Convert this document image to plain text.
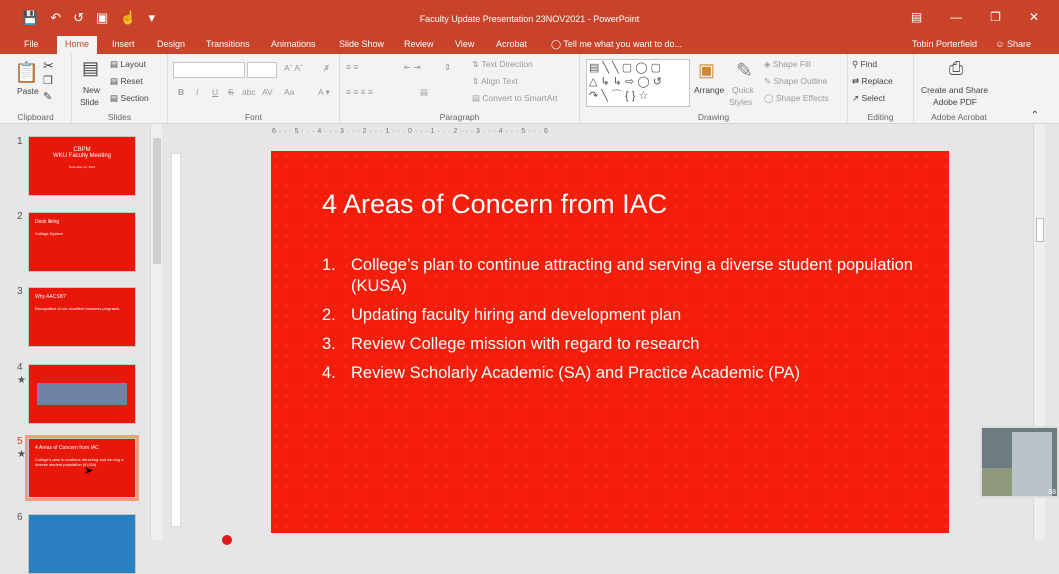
💾 ↶ ↺ ▣ ☝ ▾	Faculty Update Presentation 23NOV2021 - PowerPoint	▤ — ❐ ✕
File	Home	Insert Design Transitions Animations	Slide Show Review View Acrobat	◯ Tell me what you want to do...	Tobin Porterfield ☺ Share
✂
❐
✎
📋
Paste
Clipboard
▤
New
Slide
▤ Layout
▤ Reset
▤ Section
Slides
Aˆ Aˇ ✗
B I U S abc AV Aa	A ▾
Font
≡ ≡	⇤ ⇥	⇕
≡ ≡ ≡ ≡	▤
⇅ Text Direction
⇕ Align Text
▤ Convert to SmartArt
Paragraph
▤ ╲ ╲ ▢ ◯ ▢
△ ↳ ↳ ⇨ ◯ ↺
↷ ╲ ⌒ { } ☆
▣
Arrange
✎
Quick
Styles
◈ Shape Fill
✎ Shape Outline
◯ Shape Effects
Drawing
⚲ Find
⇄ Replace
↗ Select
Editing
⎙
Create and Share
Adobe PDF
Adobe Acrobat	⌃
1
CBPM
WKU Faculty Meeting
November 23, 2021
2	Desk liking
College System
3	Why AACSB?
Recognition of our excellent business programs
4
★
5
★
4 Areas of Concern from IAC
College's plan to continue attracting and serving a diverse student population (KUSA)
6
➤
6 · · · 5 · · · 4 · · · 3 · · · 2 · · · 1 · · · 0 · · · 1 · · · 2 · · · 3 · · · 4 · · · 5 · · · 6
4 Areas of Concern from IAC
1. College’s plan to continue attracting and serving a diverse student population (KUSA)
2. Updating faculty hiring and development plan
3. Review College mission with regard to research
4. Review Scholarly Academic (SA) and Practice Academic (PA)
58
